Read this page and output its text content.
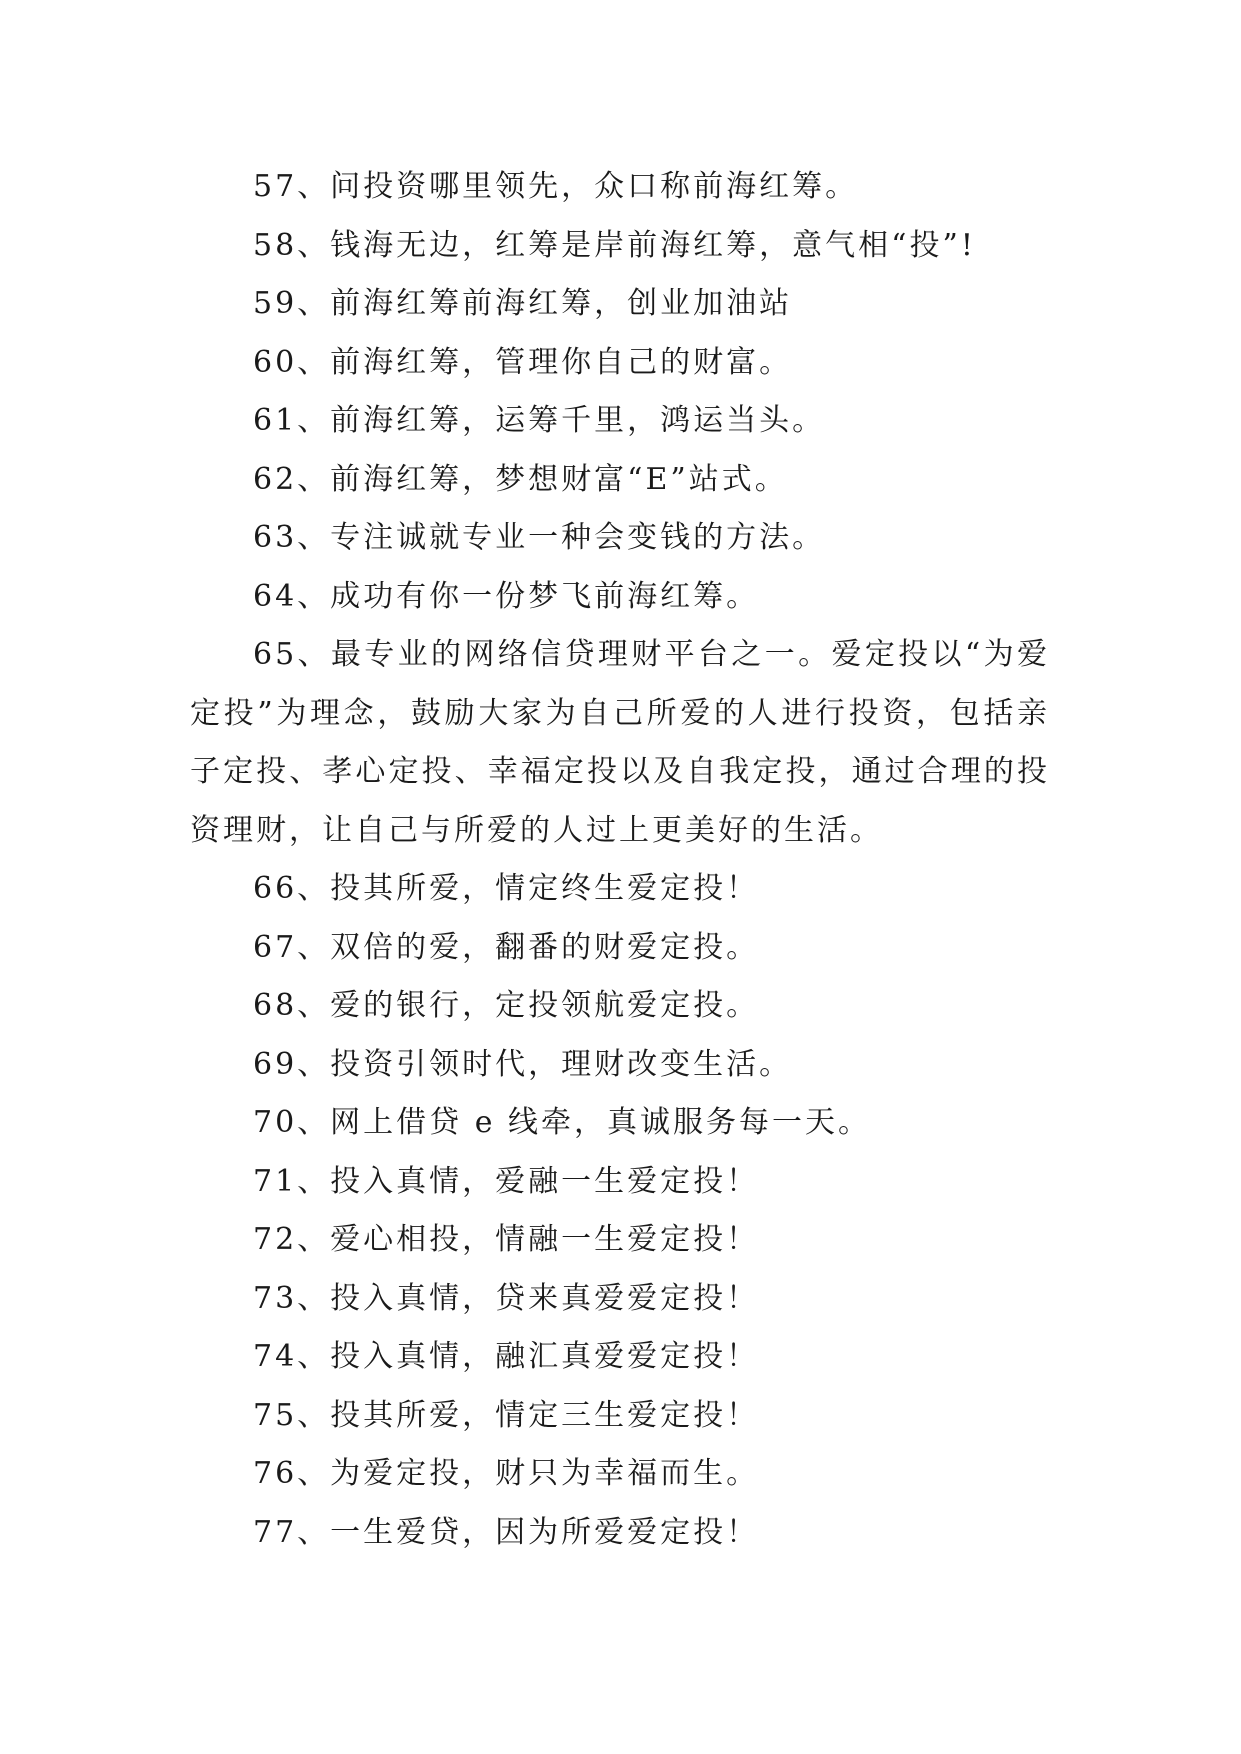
57、问投资哪里领先，众口称前海红筹。

58、钱海无边，红筹是岸前海红筹，意气相“投”!

59、前海红筹前海红筹，创业加油站

60、前海红筹，管理你自己的财富。

61、前海红筹，运筹千里，鸿运当头。

62、前海红筹，梦想财富“E”站式。

63、专注诚就专业一种会变钱的方法。

64、成功有你一份梦飞前海红筹。

65、最专业的网络信贷理财平台之一。爱定投以“为爱定投”为理念，鼓励大家为自己所爱的人进行投资，包括亲子定投、孝心定投、幸福定投以及自我定投，通过合理的投资理财，让自己与所爱的人过上更美好的生活。

66、投其所爱，情定终生爱定投！

67、双倍的爱，翻番的财爱定投。

68、爱的银行，定投领航爱定投。

69、投资引领时代，理财改变生活。

70、网上借贷 e 线牵，真诚服务每一天。

71、投入真情，爱融一生爱定投！

72、爱心相投，情融一生爱定投！

73、投入真情，贷来真爱爱定投！

74、投入真情，融汇真爱爱定投！

75、投其所爱，情定三生爱定投！

76、为爱定投，财只为幸福而生。

77、一生爱贷，因为所爱爱定投！
